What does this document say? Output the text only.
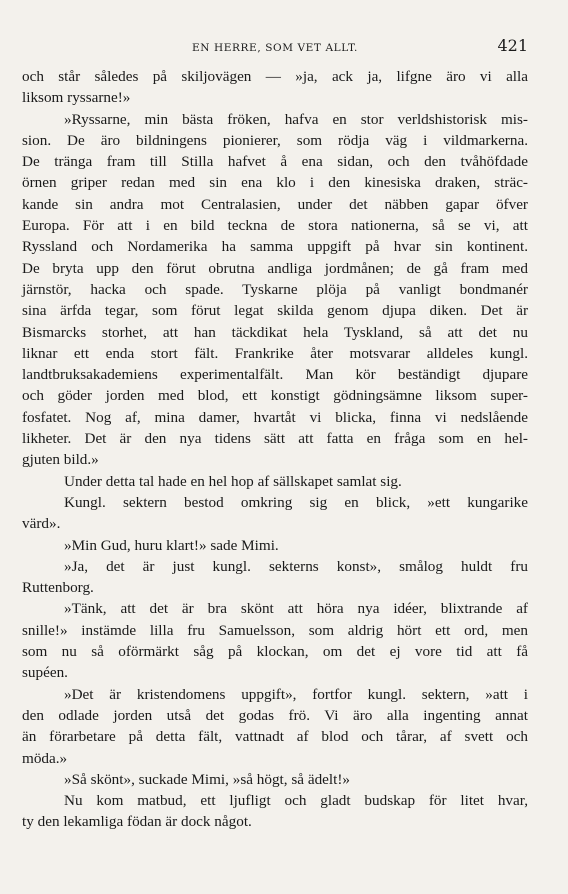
EN HERRE, SOM VET ALLT.	421
och står således på skiljovägen — »ja, ack ja, lifgne äro vi alla
liksom ryssarne!»
»Ryssarne, min bästa fröken, hafva en stor verldshistorisk mis-
sion. De äro bildningens pionierer, som rödja väg i vildmarkerna.
De tränga fram till Stilla hafvet å ena sidan, och den tvåhöfdade
örnen griper redan med sin ena klo i den kinesiska draken, sträc-
kande sin andra mot Centralasien, under det näbben gapar öfver
Europa. För att i en bild teckna de stora nationerna, så se vi, att
Ryssland och Nordamerika ha samma uppgift på hvar sin kontinent.
De bryta upp den förut obrutna andliga jordmånen; de gå fram med
järnstör, hacka och spade. Tyskarne plöja på vanligt bondmanér
sina ärfda tegar, som förut legat skilda genom djupa diken. Det är
Bismarcks storhet, att han täckdikat hela Tyskland, så att det nu
liknar ett enda stort fält. Frankrike åter motsvarar alldeles kungl.
landtbruksakademiens experimentalfält. Man kör beständigt djupare
och göder jorden med blod, ett konstigt gödningsämne liksom super-
fosfatet. Nog af, mina damer, hvartåt vi blicka, finna vi nedslående
likheter. Det är den nya tidens sätt att fatta en fråga som en hel-
gjuten bild.»
Under detta tal hade en hel hop af sällskapet samlat sig.
Kungl. sektern bestod omkring sig en blick, »ett kungarike
värd».
»Min Gud, huru klart!» sade Mimi.
»Ja, det är just kungl. sekterns konst», smålog huldt fru
Ruttenborg.
»Tänk, att det är bra skönt att höra nya idéer, blixtrande af
snille!» instämde lilla fru Samuelsson, som aldrig hört ett ord, men
som nu så oförmärkt såg på klockan, om det ej vore tid att få
supéen.
»Det är kristendomens uppgift», fortfor kungl. sektern, »att i
den odlade jorden utså det godas frö. Vi äro alla ingenting annat
än förarbetare på detta fält, vattnadt af blod och tårar, af svett och
möda.»
»Så skönt», suckade Mimi, »så högt, så ädelt!»
Nu kom matbud, ett ljufligt och gladt budskap för litet hvar,
ty den lekamliga födan är dock något.
